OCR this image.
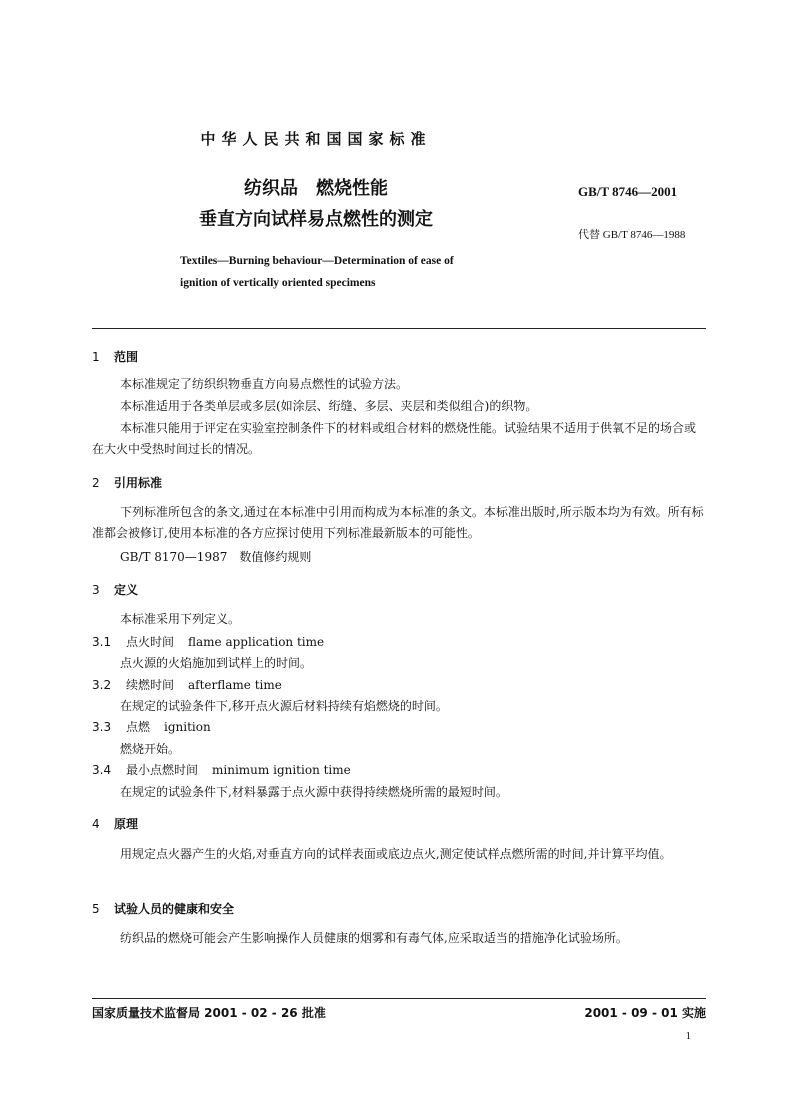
中华人民共和国国家标准
纺织品　燃烧性能
垂直方向试样易点燃性的测定
GB/T 8746—2001
代替 GB/T 8746—1988
Textiles—Burning behaviour—Determination of ease of ignition of vertically oriented specimens
1 范围
本标准规定了纺织织物垂直方向易点燃性的试验方法。
本标准适用于各类单层或多层(如涂层、绗缝、多层、夹层和类似组合)的织物。
本标准只能用于评定在实验室控制条件下的材料或组合材料的燃烧性能。试验结果不适用于供氧不足的场合或在大火中受热时间过长的情况。
2 引用标准
下列标准所包含的条文,通过在本标准中引用而构成为本标准的条文。本标准出版时,所示版本均为有效。所有标准都会被修订,使用本标准的各方应探讨使用下列标准最新版本的可能性。
GB/T 8170—1987　数值修约规则
3 定义
本标准采用下列定义。
3.1 点火时间 flame application time
点火源的火焰施加到试样上的时间。
3.2 续燃时间 afterflame time
在规定的试验条件下,移开点火源后材料持续有焰燃烧的时间。
3.3 点燃 ignition
燃烧开始。
3.4 最小点燃时间 minimum ignition time
在规定的试验条件下,材料暴露于点火源中获得持续燃烧所需的最短时间。
4 原理
用规定点火器产生的火焰,对垂直方向的试样表面或底边点火,测定使试样点燃所需的时间,并计算平均值。
5 试验人员的健康和安全
纺织品的燃烧可能会产生影响操作人员健康的烟雾和有毒气体,应采取适当的措施净化试验场所。
国家质量技术监督局 2001 - 02 - 26 批准	2001 - 09 - 01 实施
1
